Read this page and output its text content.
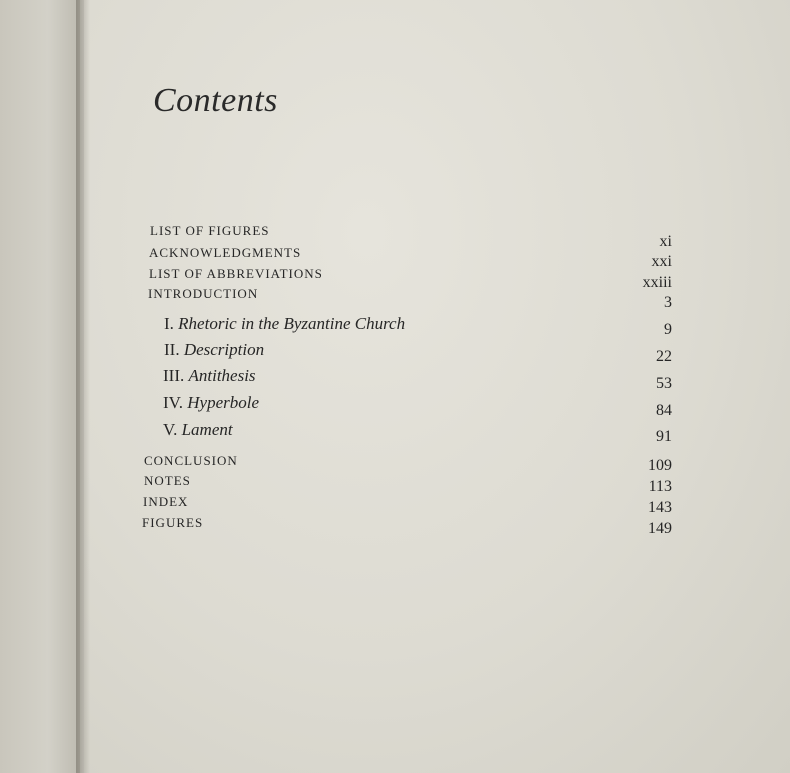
Contents
LIST OF FIGURES
ACKNOWLEDGMENTS
LIST OF ABBREVIATIONS
INTRODUCTION
xi
xxi
xxiii
3
I. Rhetoric in the Byzantine Church
II. Description
III. Antithesis
IV. Hyperbole
V. Lament
9
22
53
84
91
CONCLUSION
NOTES
INDEX
FIGURES
109
113
143
149
